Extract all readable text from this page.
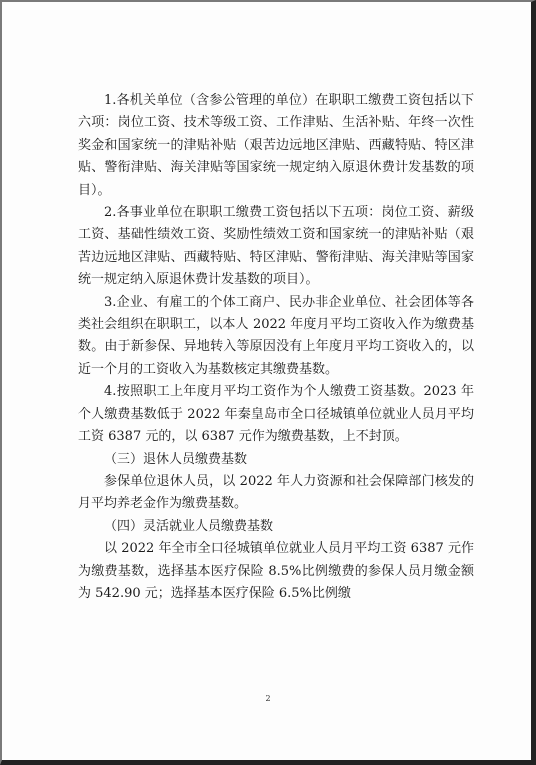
1.各机关单位（含参公管理的单位）在职职工缴费工资包括以下六项：岗位工资、技术等级工资、工作津贴、生活补贴、年终一次性奖金和国家统一的津贴补贴（艰苦边远地区津贴、西藏特贴、特区津贴、警衔津贴、海关津贴等国家统一规定纳入原退休费计发基数的项目）。

2.各事业单位在职职工缴费工资包括以下五项：岗位工资、薪级工资、基础性绩效工资、奖励性绩效工资和国家统一的津贴补贴（艰苦边远地区津贴、西藏特贴、特区津贴、警衔津贴、海关津贴等国家统一规定纳入原退休费计发基数的项目）。

3.企业、有雇工的个体工商户、民办非企业单位、社会团体等各类社会组织在职职工，以本人 2022 年度月平均工资收入作为缴费基数。由于新参保、异地转入等原因没有上年度月平均工资收入的，以近一个月的工资收入为基数核定其缴费基数。

4.按照职工上年度月平均工资作为个人缴费工资基数。2023 年个人缴费基数低于 2022 年秦皇岛市全口径城镇单位就业人员月平均工资 6387 元的，以 6387 元作为缴费基数，上不封顶。

（三）退休人员缴费基数

参保单位退休人员，以 2022 年人力资源和社会保障部门核发的月平均养老金作为缴费基数。

（四）灵活就业人员缴费基数

以 2022 年全市全口径城镇单位就业人员月平均工资 6387 元作为缴费基数，选择基本医疗保险 8.5%比例缴费的参保人员月缴金额为 542.90 元；选择基本医疗保险 6.5%比例缴

2
